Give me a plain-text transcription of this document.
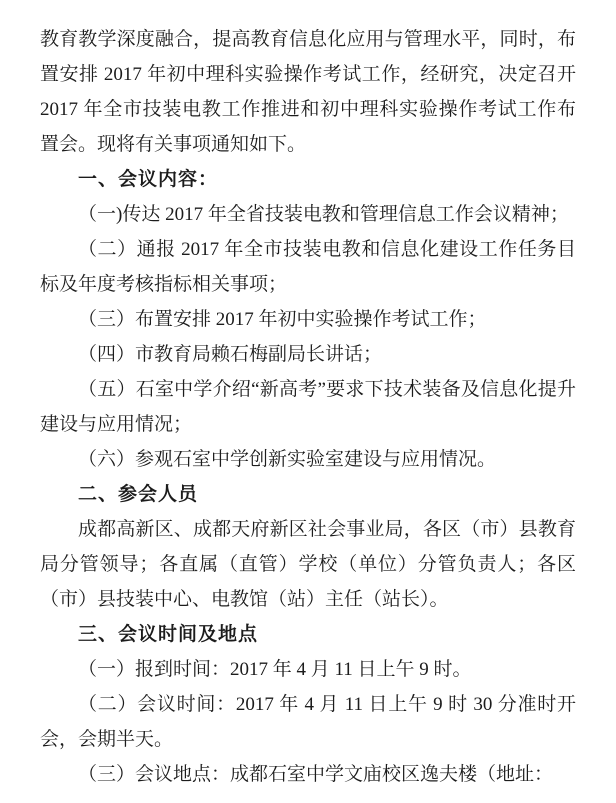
教育教学深度融合，提高教育信息化应用与管理水平，同时，布置安排 2017 年初中理科实验操作考试工作，经研究，决定召开 2017 年全市技装电教工作推进和初中理科实验操作考试工作布置会。现将有关事项通知如下。

一、会议内容：

（一)传达 2017 年全省技装电教和管理信息工作会议精神；

（二）通报 2017 年全市技装电教和信息化建设工作任务目标及年度考核指标相关事项；

（三）布置安排 2017 年初中实验操作考试工作；

（四）市教育局赖石梅副局长讲话；

（五）石室中学介绍“新高考”要求下技术装备及信息化提升建设与应用情况；

（六）参观石室中学创新实验室建设与应用情况。

二、参会人员

成都高新区、成都天府新区社会事业局，各区（市）县教育局分管领导；各直属（直管）学校（单位）分管负责人；各区（市）县技装中心、电教馆（站）主任（站长）。

三、会议时间及地点

（一）报到时间：2017 年 4 月 11 日上午 9 时。

（二）会议时间：2017 年 4 月 11 日上午 9 时 30 分准时开会，会期半天。

（三）会议地点：成都石室中学文庙校区逸夫楼（地址：
